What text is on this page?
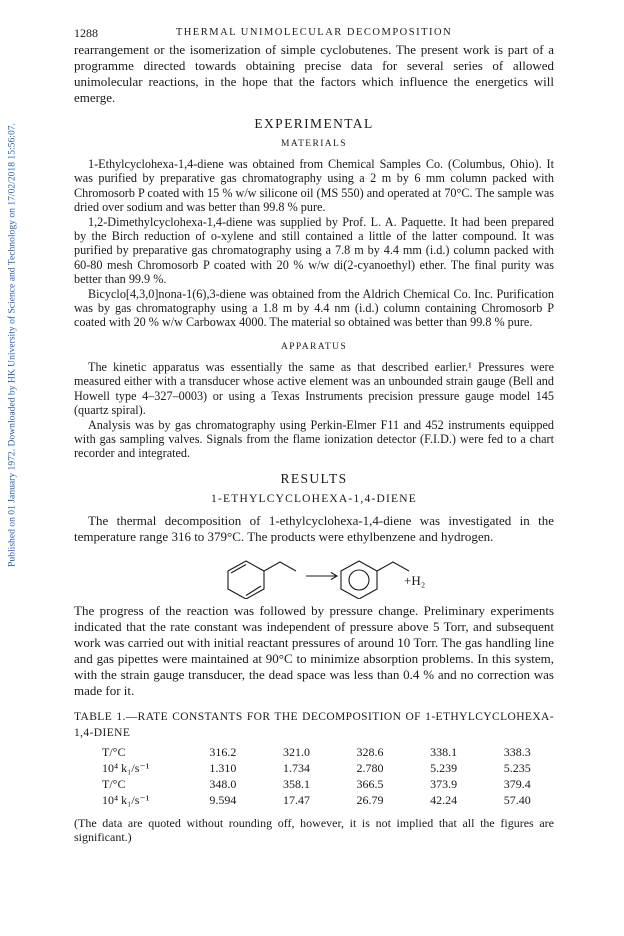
Published on 01 January 1972. Downloaded by HK University of Science and Technology on 17/02/2018 15:56:07.
1288	THERMAL UNIMOLECULAR DECOMPOSITION

rearrangement or the isomerization of simple cyclobutenes. The present work is part of a programme directed towards obtaining precise data for several series of allowed unimolecular reactions, in the hope that the factors which influence the energetics will emerge.

EXPERIMENTAL
MATERIALS

1-Ethylcyclohexa-1,4-diene was obtained from Chemical Samples Co. (Columbus, Ohio). It was purified by preparative gas chromatography using a 2 m by 6 mm column packed with Chromosorb P coated with 15 % w/w silicone oil (MS 550) and operated at 70°C. The sample was dried over sodium and was better than 99.8 % pure.

1,2-Dimethylcyclohexa-1,4-diene was supplied by Prof. L. A. Paquette. It had been prepared by the Birch reduction of o-xylene and still contained a little of the latter compound. It was purified by preparative gas chromatography using a 7.8 m by 4.4 mm (i.d.) column packed with 60-80 mesh Chromosorb P coated with 20 % w/w di(2-cyanoethyl) ether. The final purity was better than 99.9 %.

Bicyclo[4,3,0]nona-1(6),3-diene was obtained from the Aldrich Chemical Co. Inc. Purification was by gas chromatography using a 1.8 m by 4.4 nm (i.d.) column containing Chromosorb P coated with 20 % w/w Carbowax 4000. The material so obtained was better than 99.8 % pure.

APPARATUS

The kinetic apparatus was essentially the same as that described earlier.¹ Pressures were measured either with a transducer whose active element was an unbounded strain gauge (Bell and Howell type 4–327–0003) or using a Texas Instruments precision pressure gauge model 145 (quartz spiral).

Analysis was by gas chromatography using Perkin-Elmer F11 and 452 instruments equipped with gas sampling valves. Signals from the flame ionization detector (F.I.D.) were fed to a chart recorder and integrated.

RESULTS
1-ETHYLCYCLOHEXA-1,4-DIENE

The thermal decomposition of 1-ethylcyclohexa-1,4-diene was investigated in the temperature range 316 to 379°C. The products were ethylbenzene and hydrogen.

+H₂

The progress of the reaction was followed by pressure change. Preliminary experiments indicated that the rate constant was independent of pressure above 5 Torr, and subsequent work was carried out with initial reactant pressures of around 10 Torr. The gas handling line and gas pipettes were maintained at 90°C to minimize absorption problems. In this system, with the strain gauge transducer, the dead space was less than 0.4 % and no correction was made for it.

TABLE 1.—RATE CONSTANTS FOR THE DECOMPOSITION OF 1-ETHYLCYCLOHEXA-1,4-DIENE
T/°C	316.2	321.0	328.6	338.1	338.3
10⁴ k₁/s⁻¹	1.310	1.734	2.780	5.239	5.235
T/°C	348.0	358.1	366.5	373.9	379.4
10⁴ k₁/s⁻¹	9.594	17.47	26.79	42.24	57.40

(The data are quoted without rounding off, however, it is not implied that all the figures are significant.)
